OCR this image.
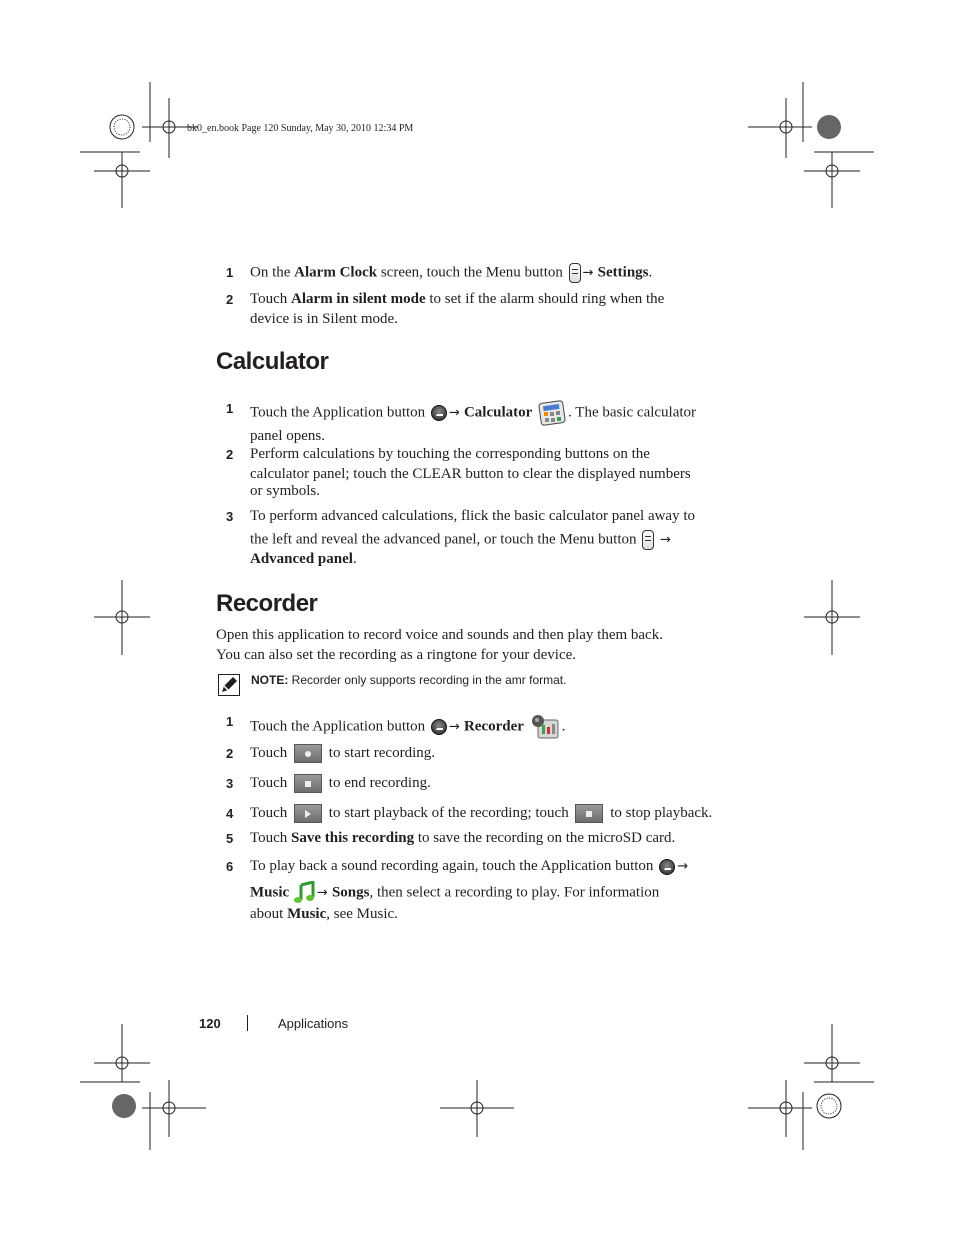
bk0_en.book Page 120 Sunday, May 30, 2010 12:34 PM
1	On the Alarm Clock screen, touch the Menu button → Settings.
2	Touch Alarm in silent mode to set if the alarm should ring when the
device is in Silent mode.
Calculator
1	Touch the Application button → Calculator . The basic calculator
panel opens.
2	Perform calculations by touching the corresponding buttons on the
calculator panel; touch the CLEAR button to clear the displayed numbers
or symbols.
3	To perform advanced calculations, flick the basic calculator panel away to
the left and reveal the advanced panel, or touch the Menu button  →
Advanced panel.
Recorder
Open this application to record voice and sounds and then play them back.
You can also set the recording as a ringtone for your device.
NOTE: Recorder only supports recording in the amr format.
1	Touch the Application button → Recorder	.
2	Touch
to start recording.
3	Touch
to end recording.
4	Touch
to start playback of the recording; touch
to stop playback.
5	Touch Save this recording to save the recording on the microSD card.
6	To play back a sound recording again, touch the Application button →
Music → Songs, then select a recording to play. For information
about Music, see Music.
120	Applications
